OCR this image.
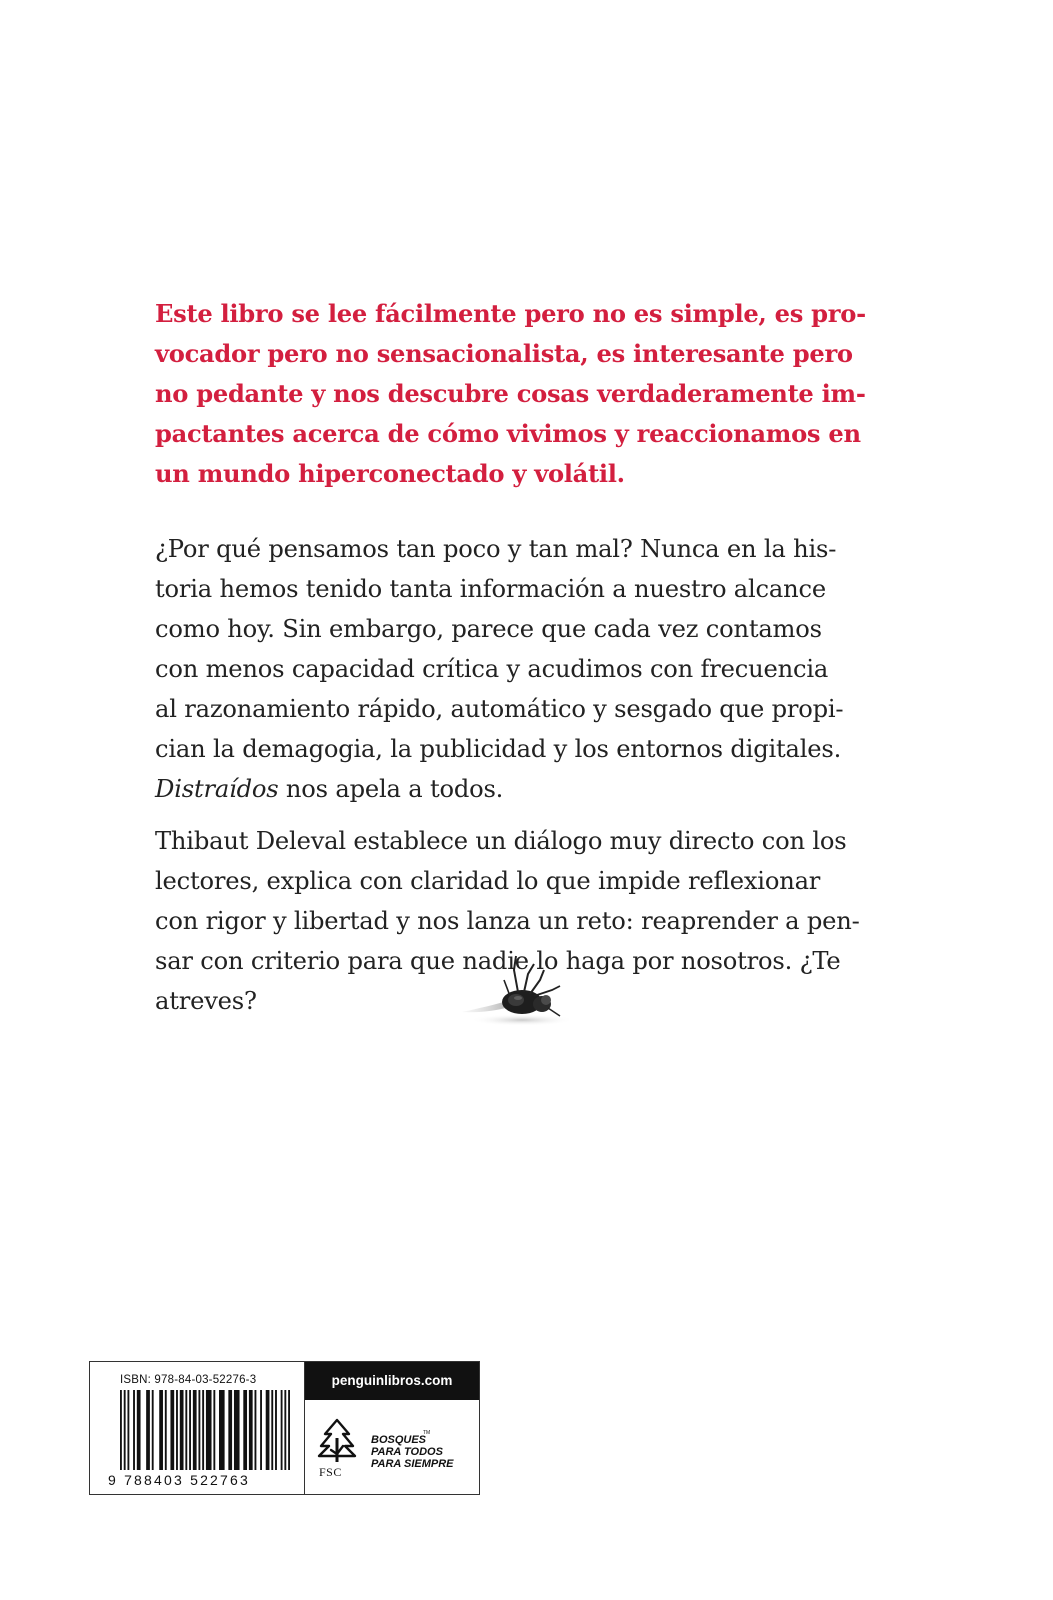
Este libro se lee fácilmente pero no es simple, es pro-
vocador pero no sensacionalista, es interesante pero
no pedante y nos descubre cosas verdaderamente im-
pactantes acerca de cómo vivimos y reaccionamos en
un mundo hiperconectado y volátil.

¿Por qué pensamos tan poco y tan mal? Nunca en la his-
toria hemos tenido tanta información a nuestro alcance
como hoy. Sin embargo, parece que cada vez contamos
con menos capacidad crítica y acudimos con frecuencia
al razonamiento rápido, automático y sesgado que propi-
cian la demagogia, la publicidad y los entornos digitales.
Distraídos nos apela a todos.

Thibaut Deleval establece un diálogo muy directo con los
lectores, explica con claridad lo que impide reflexionar
con rigor y libertad y nos lanza un reto: reaprender a pen-
sar con criterio para que nadie lo haga por nosotros. ¿Te
atreves?

ISBN: 978-84-03-52276-3
9 788403 522763
penguinlibros.com
FSC
BOSQUES
PARA TODOS
PARA SIEMPRE
TM
